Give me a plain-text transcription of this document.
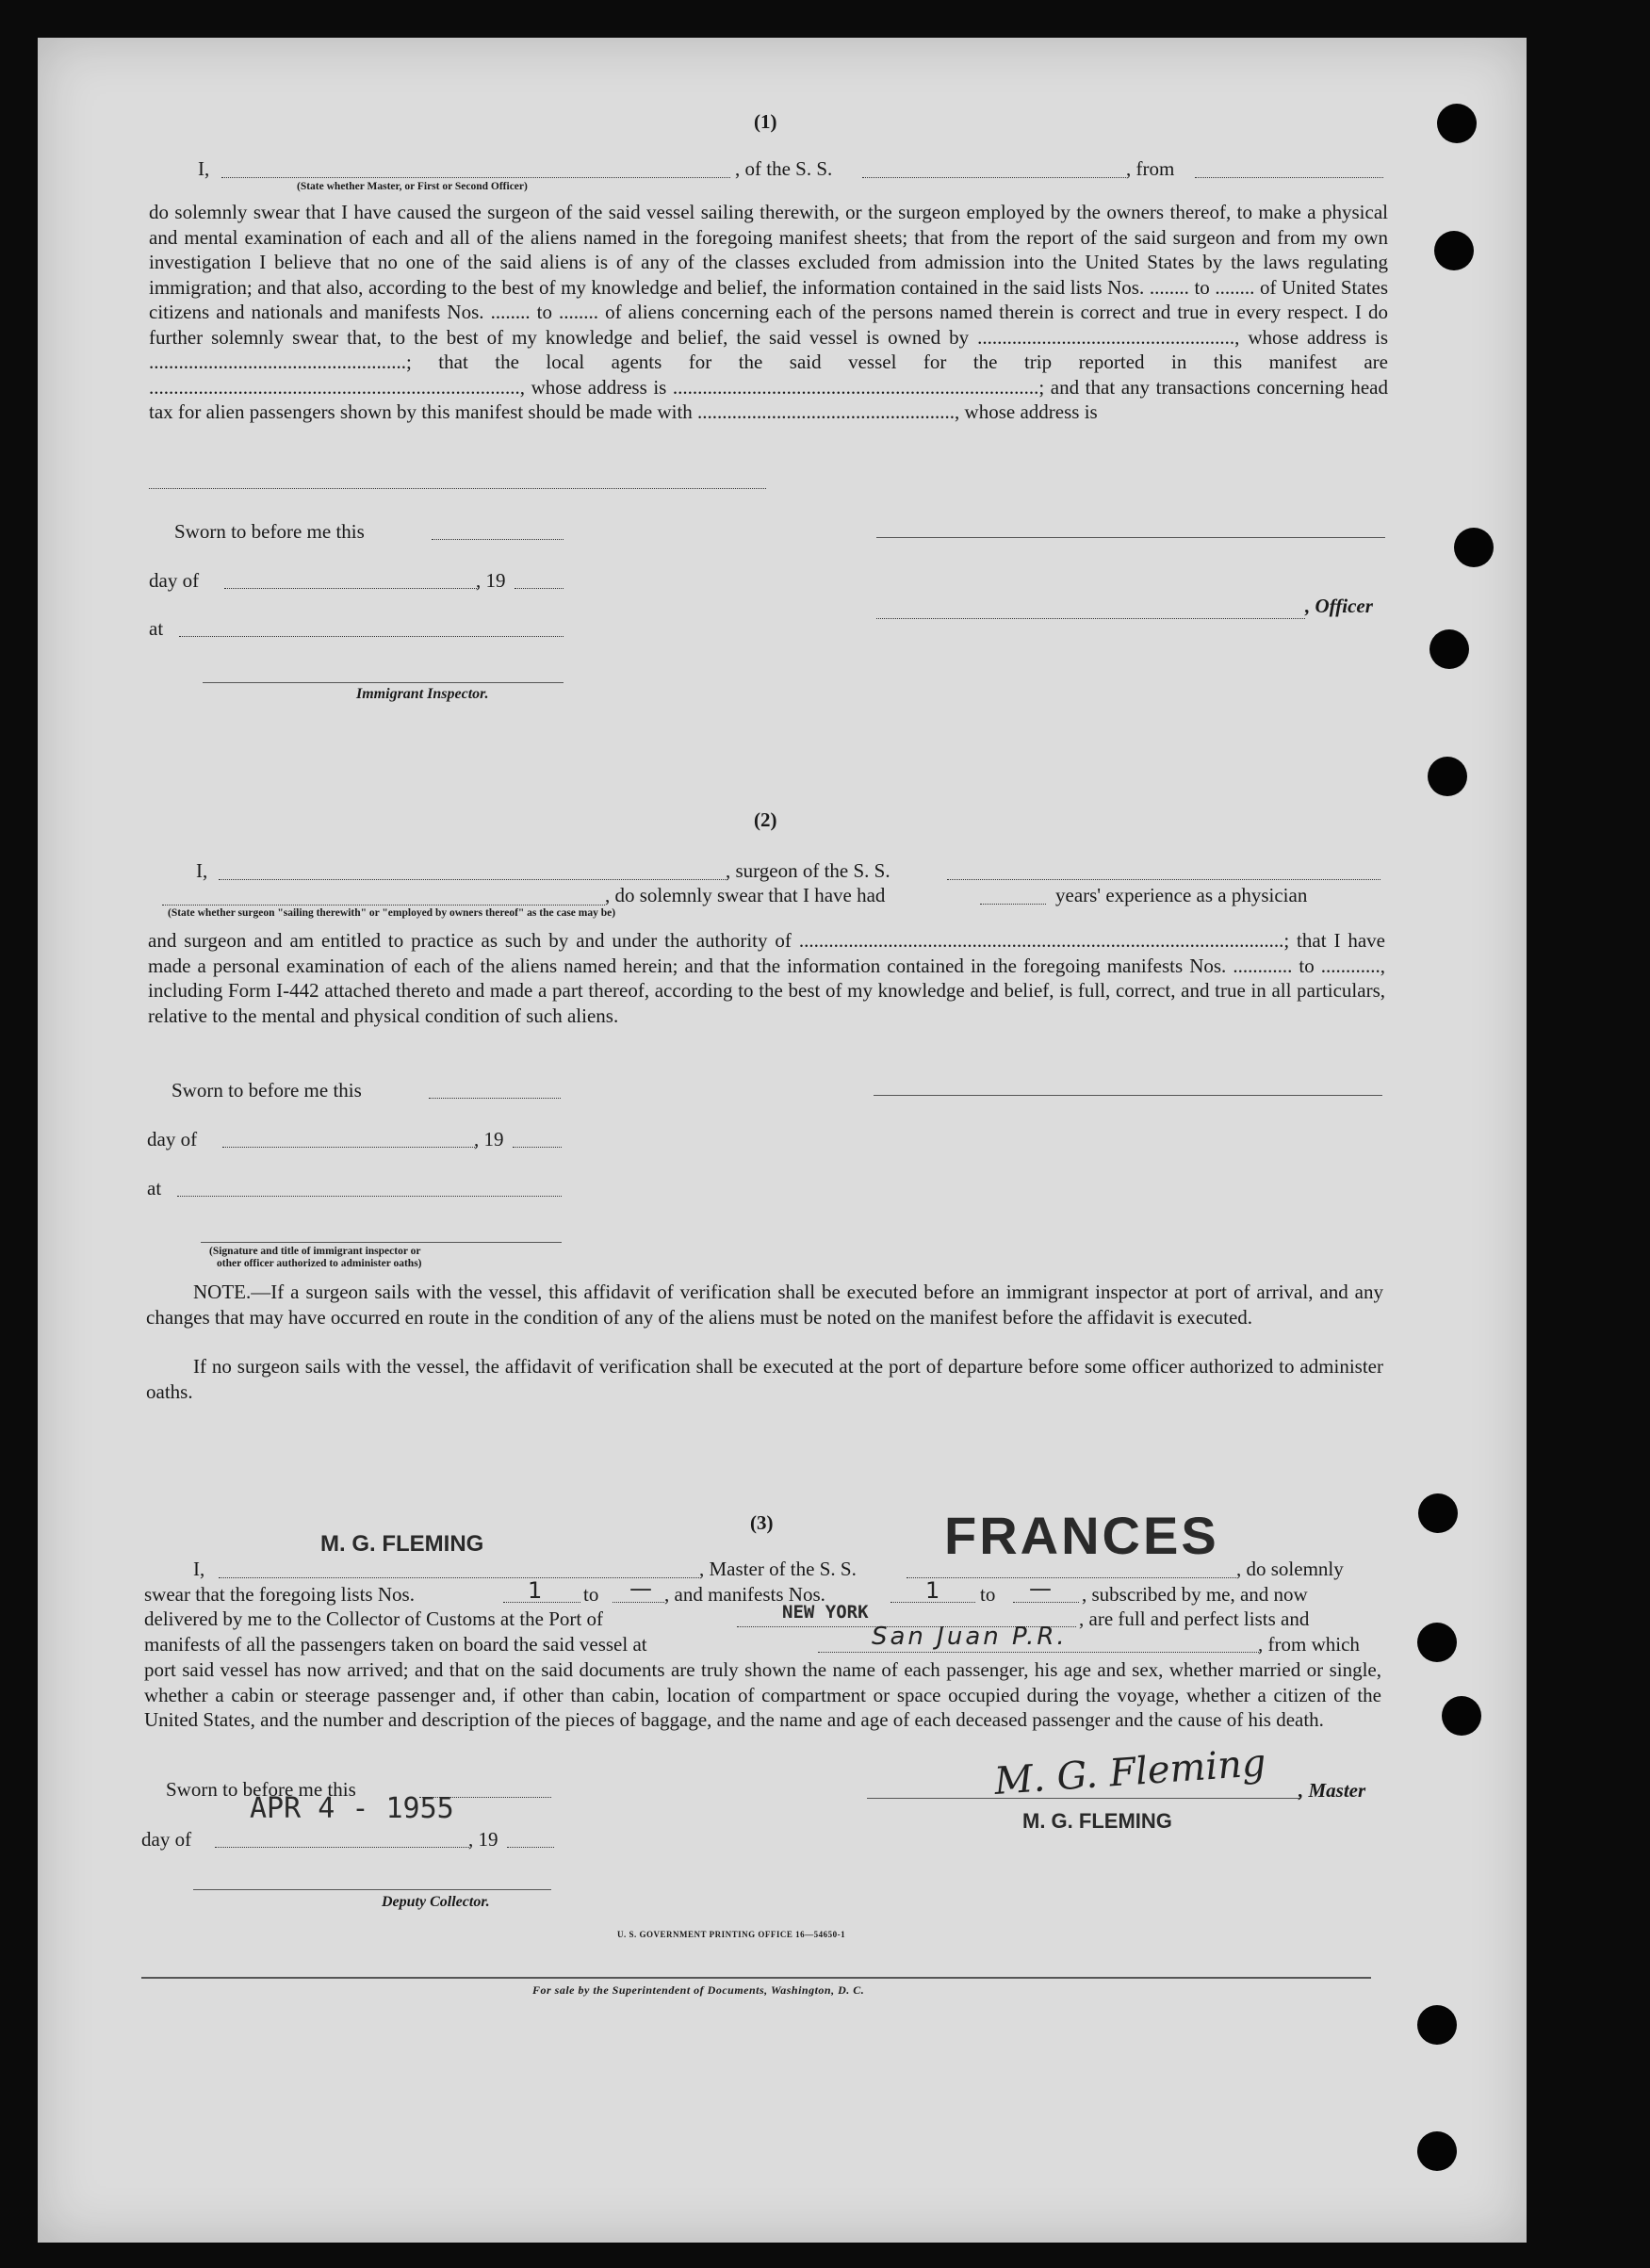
(1)
I,	, of the S. S.	, from
(State whether Master, or First or Second Officer)
do solemnly swear that I have caused the surgeon of the said vessel sailing therewith, or the surgeon employed by the owners thereof, to make a physical and mental examination of each and all of the aliens named in the foregoing manifest sheets; that from the report of the said surgeon and from my own investigation I believe that no one of the said aliens is of any of the classes excluded from admission into the United States by the laws regulating immigration; and that also, according to the best of my knowledge and belief, the information contained in the said lists Nos. ........ to ........ of United States citizens and nationals and manifests Nos. ........ to ........ of aliens concerning each of the persons named therein is correct and true in every respect. I do further solemnly swear that, to the best of my knowledge and belief, the said vessel is owned by ...................................................., whose address is ....................................................; that the local agents for the said vessel for the trip reported in this manifest are ..........................................................................., whose address is ..........................................................................; and that any transactions concerning head tax for alien passengers shown by this manifest should be made with ...................................................., whose address is
Sworn to before me this
day of	, 19
, Officer
at
Immigrant Inspector.
(2)
I,	, surgeon of the S. S.
, do solemnly swear that I have had	years' experience as a physician
(State whether surgeon "sailing therewith" or "employed by owners thereof" as the case may be)
and surgeon and am entitled to practice as such by and under the authority of ..................................................................................................; that I have made a personal examination of each of the aliens named herein; and that the information contained in the foregoing manifests Nos. ............ to ............, including Form I-442 attached thereto and made a part thereof, according to the best of my knowledge and belief, is full, correct, and true in all particulars, relative to the mental and physical condition of such aliens.
Sworn to before me this
day of	, 19
at
(Signature and title of immigrant inspector or
other officer authorized to administer oaths)
NOTE.—If a surgeon sails with the vessel, this affidavit of verification shall be executed before an immigrant inspector at port of arrival, and any changes that may have occurred en route in the condition of any of the aliens must be noted on the manifest before the affidavit is executed.
If no surgeon sails with the vessel, the affidavit of verification shall be executed at the port of departure before some officer authorized to administer oaths.
(3)
M. G. FLEMING	FRANCES
I,	, Master of the S. S.	, do solemnly
swear that the foregoing lists Nos.	1 to — , and manifests Nos.	1 to — , subscribed by me, and now
delivered by me to the Collector of Customs at the Port of	NEW YORK	, are full and perfect lists and
manifests of all the passengers taken on board the said vessel at	San Juan P.R.	, from which
port said vessel has now arrived; and that on the said documents are truly shown the name of each passenger, his age and sex, whether married or single, whether a cabin or steerage passenger and, if other than cabin, location of compartment or space occupied during the voyage, whether a citizen of the United States, and the number and description of the pieces of baggage, and the name and age of each deceased passenger and the cause of his death.
Sworn to before me this
APR 4 - 1955
day of	, 19
M. G. Fleming , Master
M. G. FLEMING
Deputy Collector.
U. S. GOVERNMENT PRINTING OFFICE 16—54650-1
For sale by the Superintendent of Documents, Washington, D. C.
